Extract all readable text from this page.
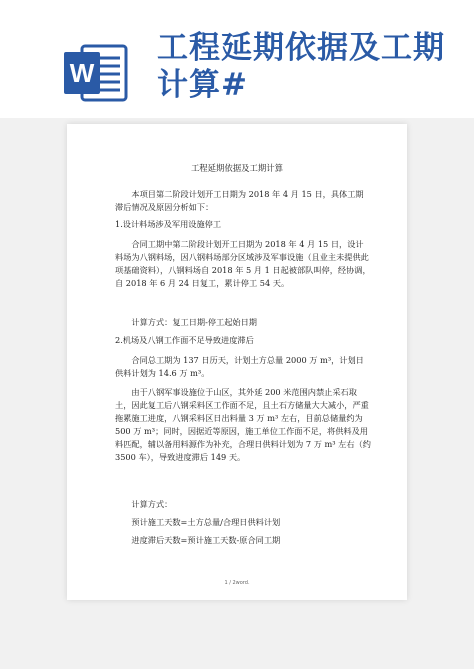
W
工程延期依据及工期计算#
工程延期依据及工期计算

本项目第二阶段计划开工日期为 2018 年 4 月 15 日，具体工期滞后情况及原因分析如下：

1.设计料场涉及军用设施停工

合同工期中第二阶段计划开工日期为 2018 年 4 月 15 日，设计料场为八钢料场，因八钢料场部分区域涉及军事设施（且业主未提供此项基础资料），八钢料场自 2018 年 5 月 1 日起被部队叫停，经协调，自 2018 年 6 月 24 日复工，累计停工 54 天。

计算方式：复工日期-停工起始日期

2.机场及八钢工作面不足导致进度滞后

合同总工期为 137 日历天，计划土方总量 2000 万 m³，计划日供料计划为 14.6 万 m³。

由于八钢军事设施位于山区，其外延 200 米范围内禁止采石取土，因此复工后八钢采料区工作面不足，且土石方储量大大减小，严重拖累施工进度，八钢采料区日出料量 3 万 m³ 左右，目前总储量约为 500 万 m³；同时，因据近等原因，施工单位工作面不足，将供料及用料匹配，辅以备用料源作为补充，合理日供料计划为 7 万 m³ 左右（约 3500 车），导致进度滞后 149 天。

计算方式：

预计施工天数=土方总量/合理日供料计划

进度滞后天数=预计施工天数-原合同工期

1 / 2word.
